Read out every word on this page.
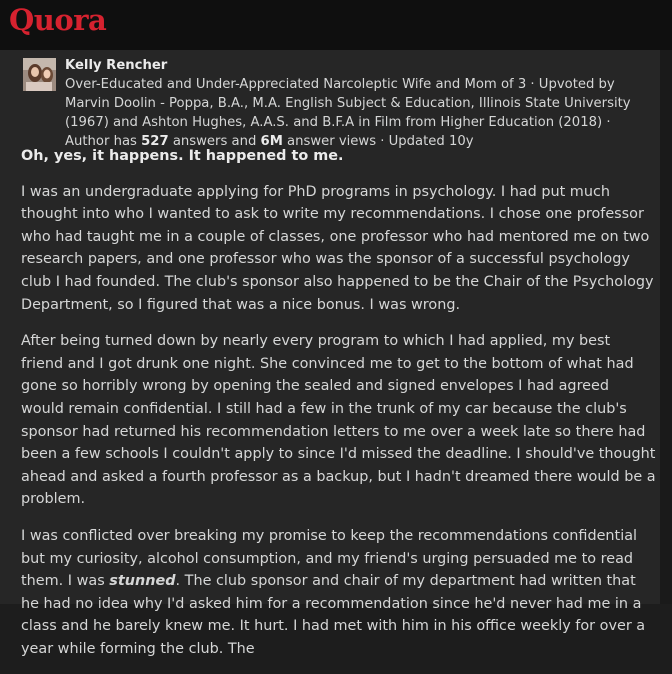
Quora
Kelly Rencher
Over-Educated and Under-Appreciated Narcoleptic Wife and Mom of 3 · Upvoted by Marvin Doolin - Poppa, B.A., M.A. English Subject & Education, Illinois State University (1967) and Ashton Hughes, A.A.S. and B.F.A in Film from Higher Education (2018) · Author has 527 answers and 6M answer views · Updated 10y

Oh, yes, it happens. It happened to me.

I was an undergraduate applying for PhD programs in psychology. I had put much thought into who I wanted to ask to write my recommendations. I chose one professor who had taught me in a couple of classes, one professor who had mentored me on two research papers, and one professor who was the sponsor of a successful psychology club I had founded. The club's sponsor also happened to be the Chair of the Psychology Department, so I figured that was a nice bonus. I was wrong.

After being turned down by nearly every program to which I had applied, my best friend and I got drunk one night. She convinced me to get to the bottom of what had gone so horribly wrong by opening the sealed and signed envelopes I had agreed would remain confidential. I still had a few in the trunk of my car because the club's sponsor had returned his recommendation letters to me over a week late so there had been a few schools I couldn't apply to since I'd missed the deadline. I should've thought ahead and asked a fourth professor as a backup, but I hadn't dreamed there would be a problem.

I was conflicted over breaking my promise to keep the recommendations confidential but my curiosity, alcohol consumption, and my friend's urging persuaded me to read them. I was stunned. The club sponsor and chair of my department had written that he had no idea why I'd asked him for a recommendation since he'd never had me in a class and he barely knew me. It hurt. I had met with him in his office weekly for over a year while forming the club. The
